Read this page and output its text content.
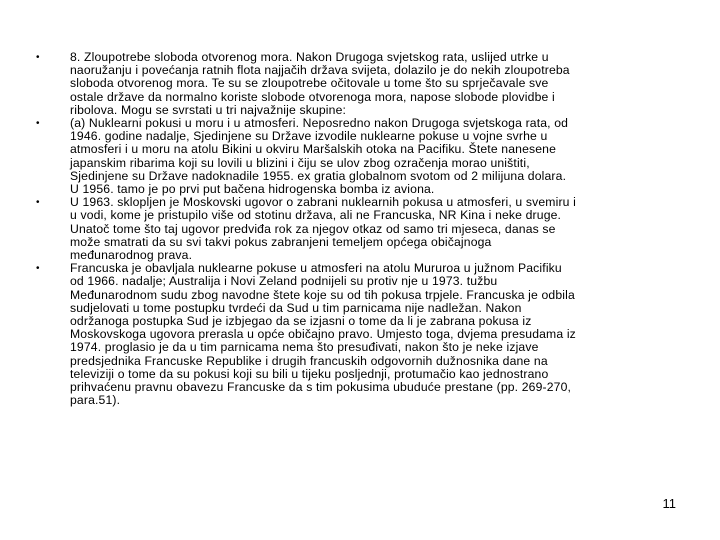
• 8. Zloupotrebe sloboda otvorenog mora. Nakon Drugoga svjetskog rata, uslijed utrke u
naoružanju i povećanja ratnih flota najjačih država svijeta, dolazilo je do nekih zloupotreba
sloboda otvorenog mora. Te su se zloupotrebe očitovale u tome što su sprječavale sve
ostale države da normalno koriste slobode otvorenoga mora, napose slobode plovidbe i
ribolova. Mogu se svrstati u tri najvažnije skupine:
• (a) Nuklearni pokusi u moru i u atmosferi. Neposredno nakon Drugoga svjetskoga rata, od
1946. godine nadalje, Sjedinjene su Države izvodile nuklearne pokuse u vojne svrhe u
atmosferi i u moru na atolu Bikini u okviru Maršalskih otoka na Pacifiku. Štete nanesene
japanskim ribarima koji su lovili u blizini i čiju se ulov zbog ozračenja morao uništiti,
Sjedinjene su Države nadoknadile 1955. ex gratia globalnom svotom od 2 milijuna dolara.
U 1956. tamo je po prvi put bačena hidrogenska bomba iz aviona.
• U 1963. sklopljen je Moskovski ugovor o zabrani nuklearnih pokusa u atmosferi, u svemiru i
u vodi, kome je pristupilo više od stotinu država, ali ne Francuska, NR Kina i neke druge.
Unatoč tome što taj ugovor predviđa rok za njegov otkaz od samo tri mjeseca, danas se
može smatrati da su svi takvi pokus zabranjeni temeljem općega običajnoga
međunarodnog prava.
• Francuska je obavljala nuklearne pokuse u atmosferi na atolu Mururoa u južnom Pacifiku
od 1966. nadalje; Australija i Novi Zeland podnijeli su protiv nje u 1973. tužbu
Međunarodnom sudu zbog navodne štete koje su od tih pokusa trpjele. Francuska je odbila
sudjelovati u tome postupku tvrdeći da Sud u tim parnicama nije nadležan. Nakon
održanoga postupka Sud je izbjegao da se izjasni o tome da li je zabrana pokusa iz
Moskovskoga ugovora prerasla u opće običajno pravo. Umjesto toga, dvjema presudama iz
1974. proglasio je da u tim parnicama nema što presuđivati, nakon što je neke izjave
predsjednika Francuske Republike i drugih francuskih odgovornih dužnosnika dane na
televiziji o tome da su pokusi koji su bili u tijeku posljednji, protumačio kao jednostrano
prihvaćenu pravnu obavezu Francuske da s tim pokusima ubuduće prestane (pp. 269-270,
para.51).
11
